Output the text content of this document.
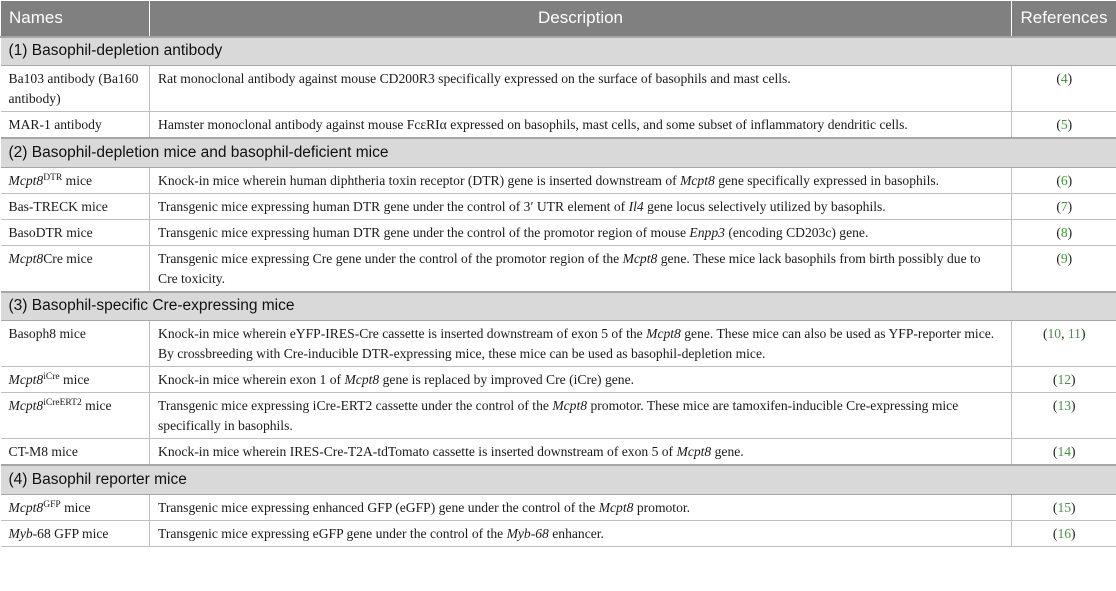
Names	Description	References
(1) Basophil-depletion antibody		
Ba103 antibody (Ba160 antibody)	Rat monoclonal antibody against mouse CD200R3 specifically expressed on the surface of basophils and mast cells.	(4)
MAR-1 antibody	Hamster monoclonal antibody against mouse FcεRIα expressed on basophils, mast cells, and some subset of inflammatory dendritic cells.	(5)
(2) Basophil-depletion mice and basophil-deficient mice		
$Mcpt8^{DTR}$ mice	Knock-in mice wherein human diphtheria toxin receptor (DTR) gene is inserted downstream of Mcpt8 gene specifically expressed in basophils.	(6)
Bas-TRECK mice	Transgenic mice expressing human DTR gene under the control of 3′ UTR element of Il4 gene locus selectively utilized by basophils.	(7)
BasoDTR mice	Transgenic mice expressing human DTR gene under the control of the promotor region of mouse Enpp3 (encoding CD203c) gene.	(8)
Mcpt8Cre mice	Transgenic mice expressing Cre gene under the control of the promotor region of the Mcpt8 gene. These mice lack basophils from birth possibly due to Cre toxicity.	(9)
(3) Basophil-specific Cre-expressing mice		
Basoph8 mice	Knock-in mice wherein eYFP-IRES-Cre cassette is inserted downstream of exon 5 of the Mcpt8 gene. These mice can also be used as YFP-reporter mice. By crossbreeding with Cre-inducible DTR-expressing mice, these mice can be used as basophil-depletion mice.	(10, 11)
$Mcpt8^{iCre}$ mice	Knock-in mice wherein exon 1 of Mcpt8 gene is replaced by improved Cre (iCre) gene.	(12)
$Mcpt8^{iCreERT2}$ mice	Transgenic mice expressing iCre-ERT2 cassette under the control of the Mcpt8 promotor. These mice are tamoxifen-inducible Cre-expressing mice specifically in basophils.	(13)
CT-M8 mice	Knock-in mice wherein IRES-Cre-T2A-tdTomato cassette is inserted downstream of exon 5 of Mcpt8 gene.	(14)
(4) Basophil reporter mice		
$Mcpt8^{GFP}$ mice	Transgenic mice expressing enhanced GFP (eGFP) gene under the control of the Mcpt8 promotor.	(15)
Myb-68 GFP mice	Transgenic mice expressing eGFP gene under the control of the Myb-68 enhancer.	(16)
